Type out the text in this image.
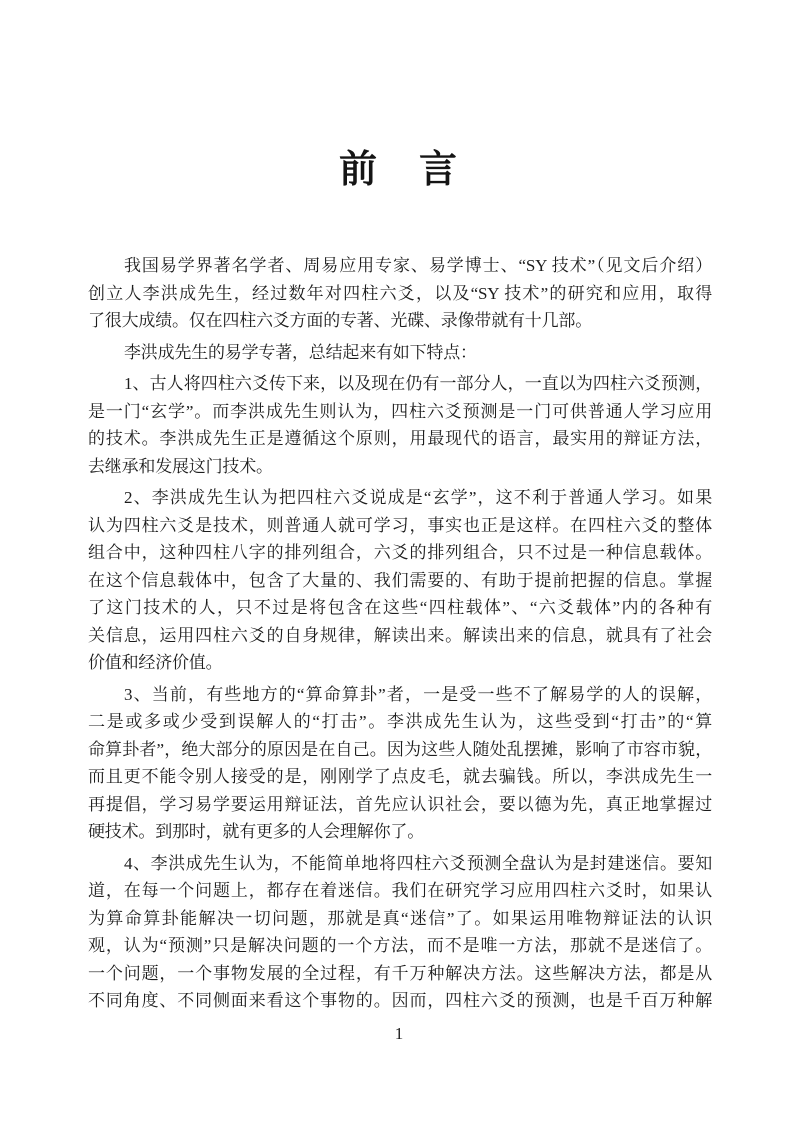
前　言
我国易学界著名学者、周易应用专家、易学博士、“SY 技术”（见文后介绍）
创立人李洪成先生，经过数年对四柱六爻，以及“SY 技术”的研究和应用，取得
了很大成绩。仅在四柱六爻方面的专著、光碟、录像带就有十几部。
李洪成先生的易学专著，总结起来有如下特点：
1、古人将四柱六爻传下来，以及现在仍有一部分人，一直以为四柱六爻预测，
是一门“玄学”。而李洪成先生则认为，四柱六爻预测是一门可供普通人学习应用
的技术。李洪成先生正是遵循这个原则，用最现代的语言，最实用的辩证方法，
去继承和发展这门技术。
2、李洪成先生认为把四柱六爻说成是“玄学”，这不利于普通人学习。如果
认为四柱六爻是技术，则普通人就可学习，事实也正是这样。在四柱六爻的整体
组合中，这种四柱八字的排列组合，六爻的排列组合，只不过是一种信息载体。
在这个信息载体中，包含了大量的、我们需要的、有助于提前把握的信息。掌握
了这门技术的人，只不过是将包含在这些“四柱载体”、“六爻载体”内的各种有
关信息，运用四柱六爻的自身规律，解读出来。解读出来的信息，就具有了社会
价值和经济价值。
3、当前，有些地方的“算命算卦”者，一是受一些不了解易学的人的误解，
二是或多或少受到误解人的“打击”。李洪成先生认为，这些受到“打击”的“算
命算卦者”，绝大部分的原因是在自己。因为这些人随处乱摆摊，影响了市容市貌，
而且更不能令别人接受的是，刚刚学了点皮毛，就去骗钱。所以，李洪成先生一
再提倡，学习易学要运用辩证法，首先应认识社会，要以德为先，真正地掌握过
硬技术。到那时，就有更多的人会理解你了。
4、李洪成先生认为，不能简单地将四柱六爻预测全盘认为是封建迷信。要知
道，在每一个问题上，都存在着迷信。我们在研究学习应用四柱六爻时，如果认
为算命算卦能解决一切问题，那就是真“迷信”了。如果运用唯物辩证法的认识
观，认为“预测”只是解决问题的一个方法，而不是唯一方法，那就不是迷信了。
一个问题，一个事物发展的全过程，有千万种解决方法。这些解决方法，都是从
不同角度、不同侧面来看这个事物的。因而，四柱六爻的预测，也是千百万种解
1
